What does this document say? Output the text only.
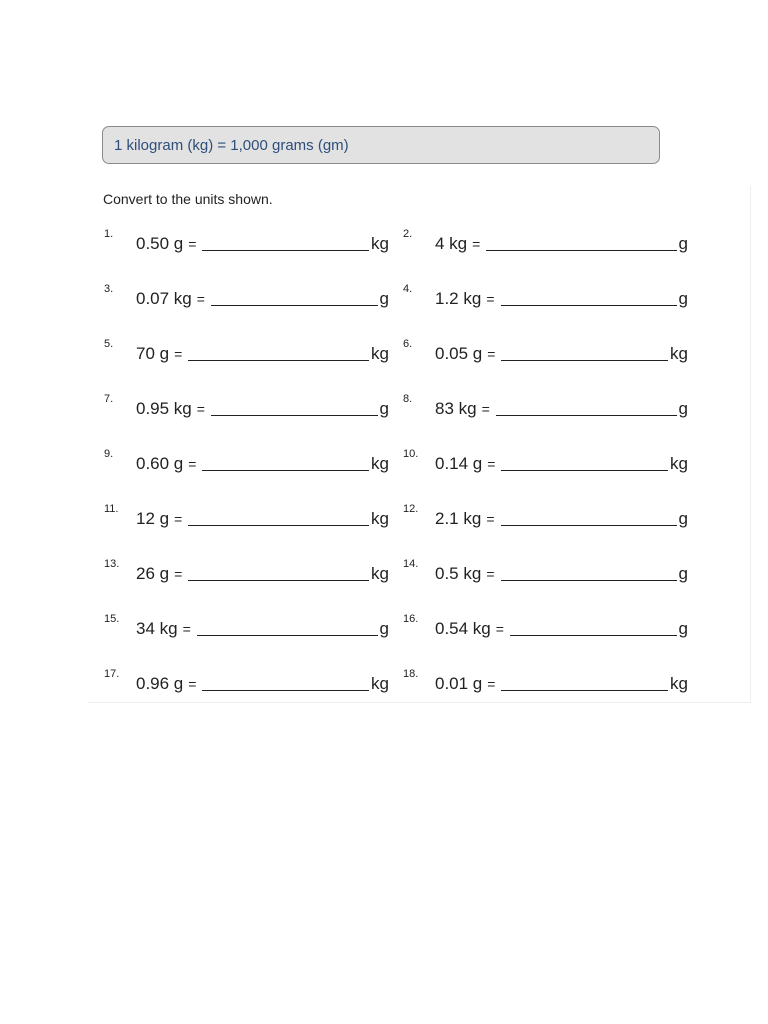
1 kilogram (kg) = 1,000 grams (gm)
Convert to the units shown.
1. 0.50 g =	kg 2. 4 kg =	g
3. 0.07 kg =	g 4. 1.2 kg =	g
5. 70 g =	kg 6. 0.05 g =	kg
7. 0.95 kg =	g 8. 83 kg =	g
9. 0.60 g =	kg 10. 0.14 g =	kg
11. 12 g =	kg 12. 2.1 kg =	g
13. 26 g =	kg 14. 0.5 kg =	g
15. 34 kg =	g 16. 0.54 kg =	g
17. 0.96 g =	kg 18. 0.01 g =	kg
